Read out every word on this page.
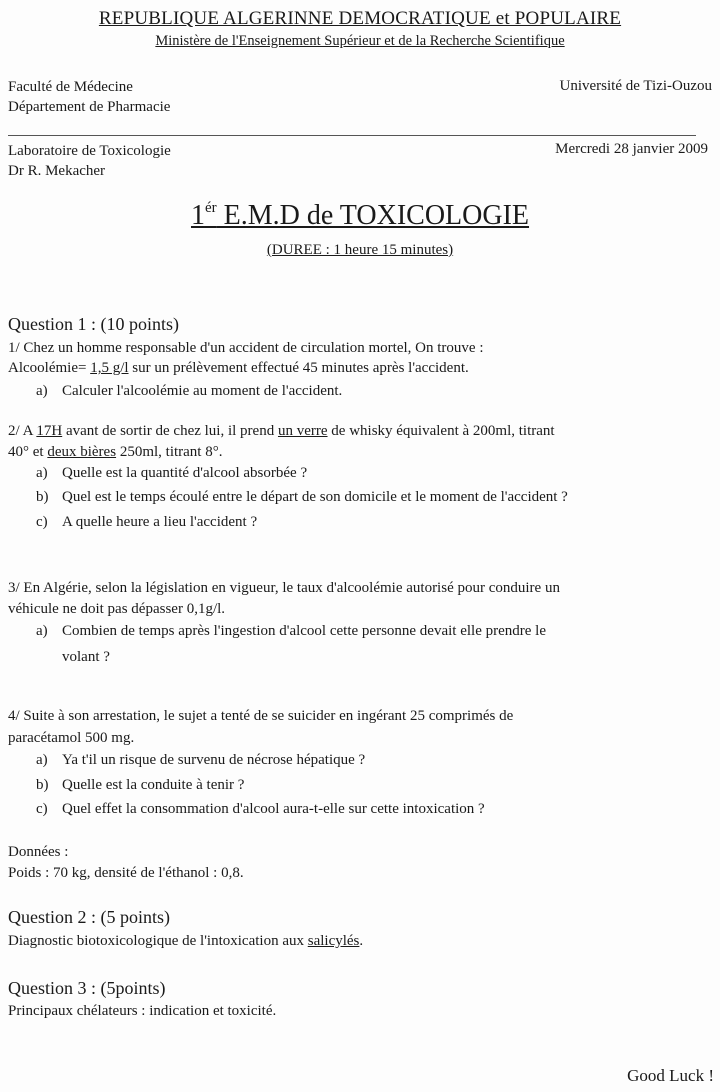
REPUBLIQUE ALGERINNE DEMOCRATIQUE et POPULAIRE
Ministère de l'Enseignement Supérieur et de la Recherche Scientifique
Faculté de Médecine
Département de Pharmacie
Université de Tizi-Ouzou
Laboratoire de Toxicologie
Dr R. Mekacher
Mercredi 28 janvier 2009
$1^{ér}$ E.M.D de TOXICOLOGIE
(DUREE : 1 heure 15 minutes)
Question 1 : (10 points)
1/ Chez un homme responsable d'un accident de circulation mortel, On trouve :
Alcoolémie= 1,5 g/l sur un prélèvement effectué 45 minutes après l'accident.
a) Calculer l'alcoolémie au moment de l'accident.
2/ A 17H avant de sortir de chez lui, il prend un verre de whisky équivalent à 200ml, titrant
40° et deux bières 250ml, titrant 8°.
a) Quelle est la quantité d'alcool absorbée ?
b) Quel est le temps écoulé entre le départ de son domicile et le moment de l'accident ?
c) A quelle heure a lieu l'accident ?
3/ En Algérie, selon la législation en vigueur, le taux d'alcoolémie autorisé pour conduire un
véhicule ne doit pas dépasser 0,1g/l.
a) Combien de temps après l'ingestion d'alcool cette personne devait elle prendre le
volant ?
4/ Suite à son arrestation, le sujet a tenté de se suicider en ingérant 25 comprimés de
paracétamol 500 mg.
a) Ya t'il un risque de survenu de nécrose hépatique ?
b) Quelle est la conduite à tenir ?
c) Quel effet la consommation d'alcool aura-t-elle sur cette intoxication ?
Données :
Poids : 70 kg, densité de l'éthanol : 0,8.
Question 2 : (5 points)
Diagnostic biotoxicologique de l'intoxication aux salicylés.
Question 3 : (5points)
Principaux chélateurs : indication et toxicité.
Good Luck !
